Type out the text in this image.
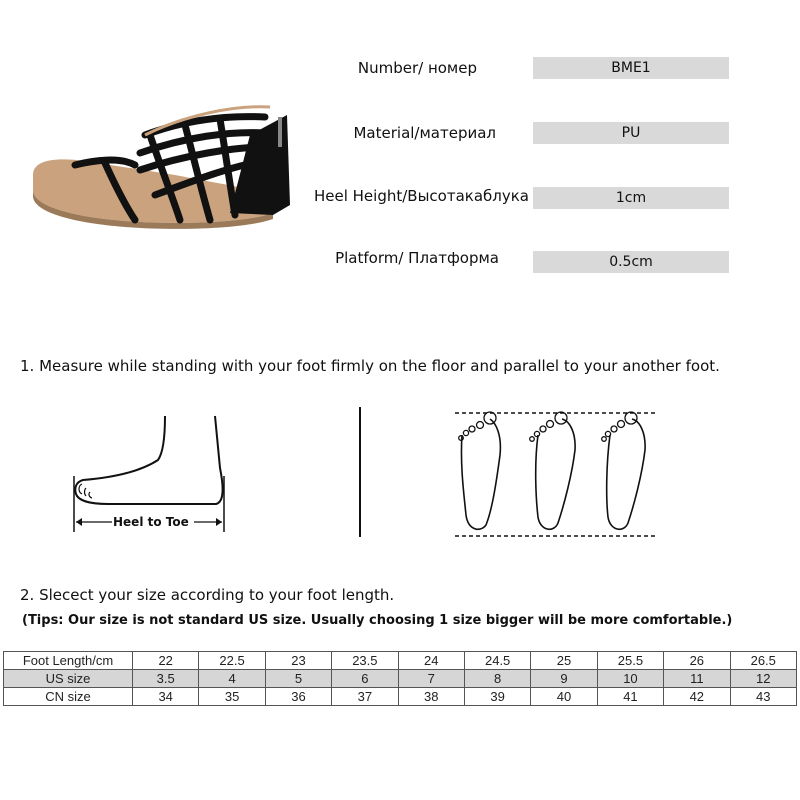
Number/ номер	BME1
Material/материал	PU
Heel Height/Высотакаблука	1cm
Platform/ Платформа	0.5cm
1. Measure while standing with your foot firmly on the floor and parallel to your another foot.
Heel to Toe
2. Slecect your size according to your foot length.
(Tips: Our size is not standard US size. Usually choosing 1 size bigger will be more comfortable.)
Foot Length/cm	22	22.5	23	23.5	24	24.5	25	25.5	26	26.5
US size	3.5	4	5	6	7	8	9	10	11	12
CN size	34	35	36	37	38	39	40	41	42	43
